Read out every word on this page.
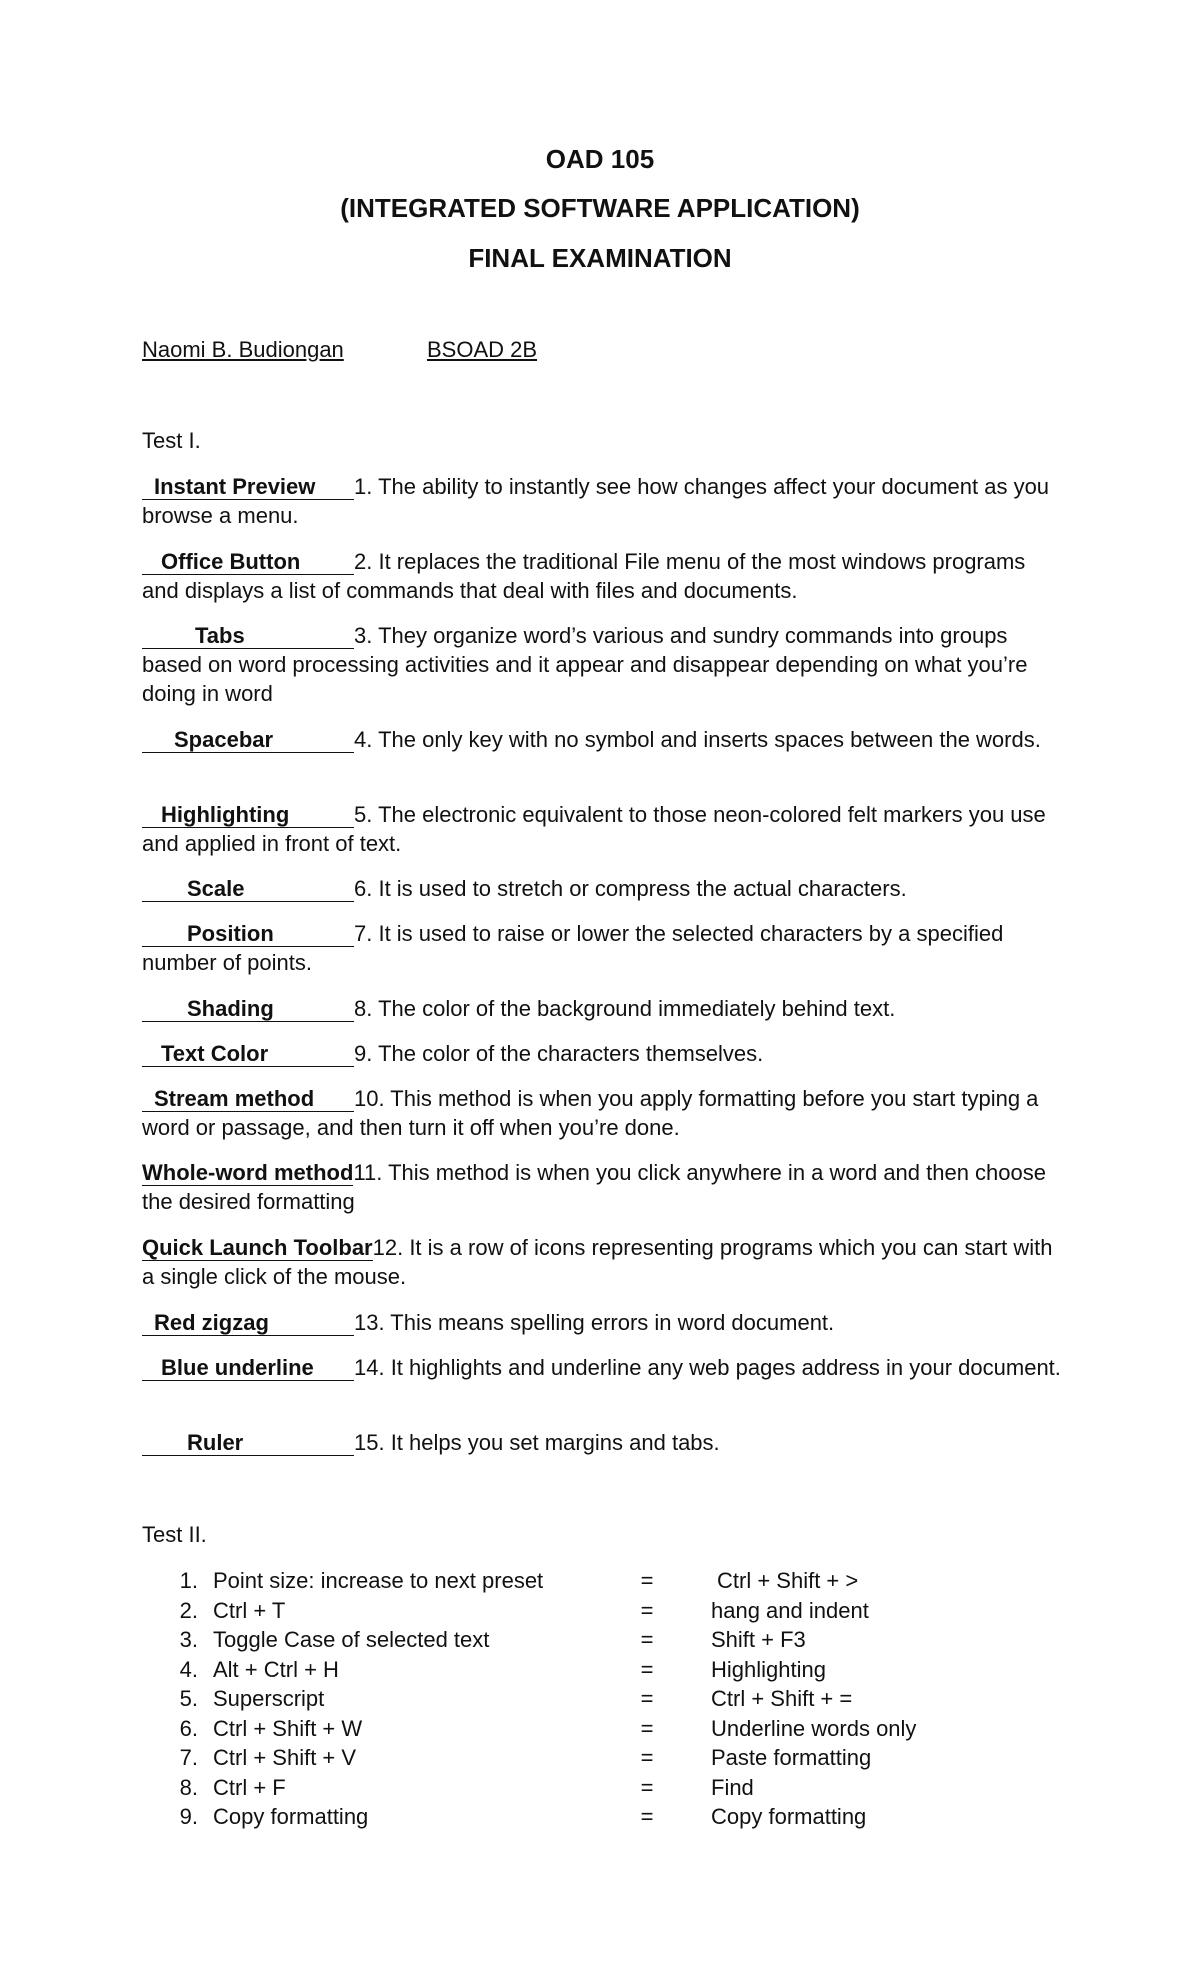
OAD 105
(INTEGRATED SOFTWARE APPLICATION)
FINAL EXAMINATION
Naomi B. Budiongan	BSOAD 2B
Test I.
Instant Preview 1. The ability to instantly see how changes affect your document as you browse a menu.
Office Button 2. It replaces the traditional File menu of the most windows programs and displays a list of commands that deal with files and documents.
Tabs	3. They organize word’s various and sundry commands into groups based on word processing activities and it appear and disappear depending on what you’re doing in word
Spacebar	4. The only key with no symbol and inserts spaces between the words.
Highlighting	5. The electronic equivalent to those neon-colored felt markers you use and applied in front of text.
Scale	6. It is used to stretch or compress the actual characters.
Position	7. It is used to raise or lower the selected characters by a specified number of points.
Shading	8. The color of the background immediately behind text.
Text Color	9. The color of the characters themselves.
Stream method 10. This method is when you apply formatting before you start typing a word or passage, and then turn it off when you’re done.
Whole-word method11. This method is when you click anywhere in a word and then choose the desired formatting
Quick Launch Toolbar12. It is a row of icons representing programs which you can start with a single click of the mouse.
Red zigzag	13. This means spelling errors in word document.
Blue underline 14. It highlights and underline any web pages address in your document.
Ruler	15. It helps you set margins and tabs.
Test II.
1. Point size: increase to next preset	=	Ctrl + Shift + >
2. Ctrl + T	=	hang and indent
3. Toggle Case of selected text	=	Shift + F3
4. Alt + Ctrl + H	=	Highlighting
5. Superscript	=	Ctrl + Shift + =
6. Ctrl + Shift + W	=	Underline words only
7. Ctrl + Shift + V	=	Paste formatting
8. Ctrl + F	=	Find
9. Copy formatting	=	Copy formatting
